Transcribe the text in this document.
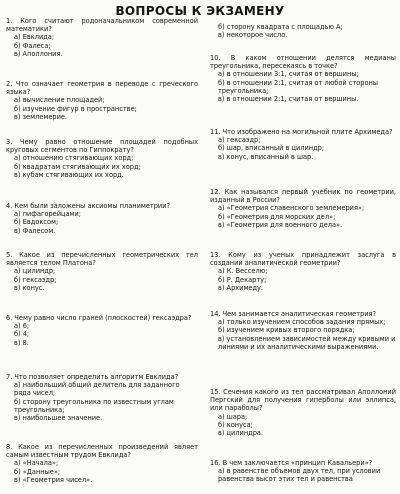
ВОПРОСЫ К ЭКЗАМЕНУ
1. Кого считают родоначальником современной математики?
а) Евклида;
б) Фалеса;
в) Аполлония.
2. Что означает геометрия в переводе с греческого языка?
а) вычисление площадей;
б) изучение фигур в пространстве;
в) землемерие.
3. Чему равно отношение площадей подобных круговых сегментов по Гиппократу?
а) отношению стягивающих хорд;
б) квадратам стягивающих их хорд;
в) кубам стягивающих их хорд.
4. Кем были заложены аксиомы планиметрии?
а) пифагорейцами;
б) Евдоксом;
в) Фалесом.
5. Какое из перечисленных геометрических тел является телом Платона?
а) цилиндр;
б) гексаэдр;
в) конус.
6. Чему равно число граней (плоскостей) гексаэдра?
а) 6;
б) 4;
в) 8.
7. Что позволяет определить алгоритм Евклида?
а) наибольший общий делитель для заданного ряда чисел;
б) сторону треугольника по известным углам треугольника;
в) наибольшее значение.
8. Какое из перечисленных произведений являет самым известным трудом Евклида?
а) «Начала»;
б) «Данные»;
в) «Геометрия чисел».
б) сторону квадрата с площадью A;
в) некоторое число.
10. В каком отношении делятся медианы треугольника, пересекаясь в точке?
а) в отношении 3:1, считая от вершины;
б) в отношении 2:1, считая от любой стороны треугольника;
в) в отношении 2:1, считая от вершины.
11. Что изображено на могильной плите Архимеда?
а) гексаэдр;
б) шар, вписанный в цилиндр;
в) конус, вписанный в шар.
12. Как назывался первый учебник по геометрии, изданный в России?
а) «Геометрия славенского землемерия»;
б) «Геометрия для морских дел»;
в) «Геометрия для военного дела».
13. Кому из ученых принадлежит заслуга в создании аналитической геометрии?
а) К. Весселю;
б) Р. Декарту;
в) Архимеду.
14. Чем занимается аналитическая геометрия?
а) только изучением способов задания прямых;
б) изучением кривых второго порядка;
в) установлением зависимостей между кривыми и линиями и их аналитическими выражениями.
15. Сечения какого из тел рассматривал Аполлоний Пергский для получения гиперболы или эллипса, или параболы?
а) шара;
б) конуса;
в) цилиндра.
16. В чем заключается «принцип Кавальери»?
а) в равенстве объемов двух тел, при условии равенства высот этих тел и равенства
